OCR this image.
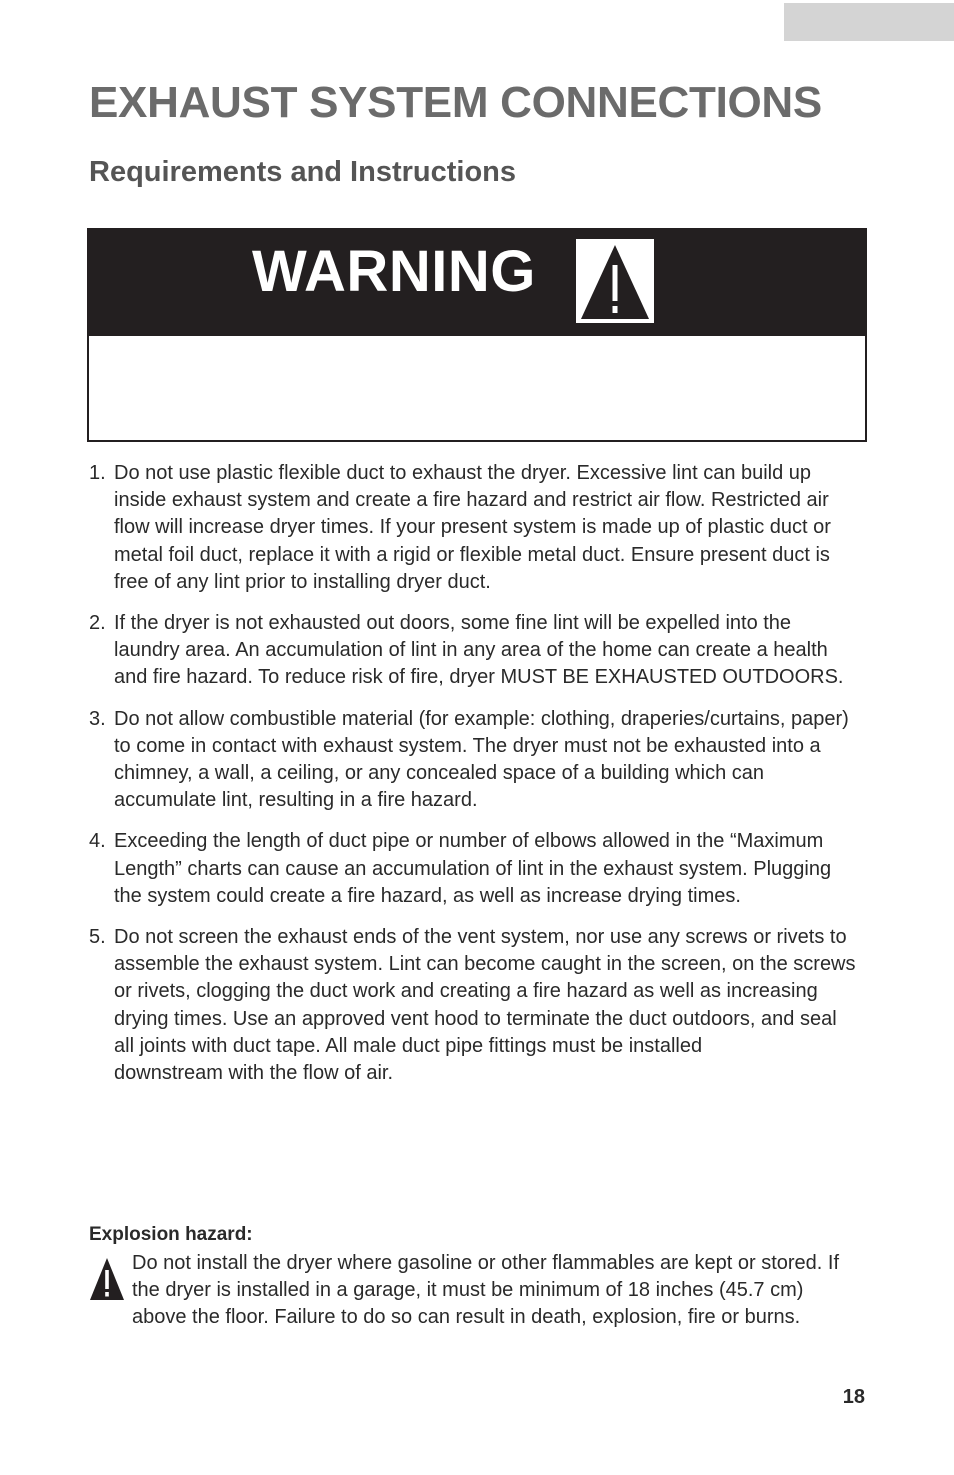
EXHAUST SYSTEM CONNECTIONS
Requirements and Instructions
WARNING
1. Do not use plastic flexible duct to exhaust the dryer. Excessive lint can build up inside exhaust system and create a fire hazard and restrict air flow. Restricted air flow will increase dryer times. If your present system is made up of plastic duct or metal foil duct, replace it with a rigid or flexible metal duct. Ensure present duct is free of any lint prior to installing dryer duct.
2. If the dryer is not exhausted out doors, some fine lint will be expelled into the laundry area. An accumulation of lint in any area of the home can create a health and fire hazard. To reduce risk of fire, dryer MUST BE EXHAUSTED OUTDOORS.
3. Do not allow combustible material (for example: clothing, draperies/curtains, paper) to come in contact with exhaust system. The dryer must not be exhausted into a chimney, a wall, a ceiling, or any concealed space of a building which can accumulate lint, resulting in a fire hazard.
4. Exceeding the length of duct pipe or number of elbows allowed in the “Maximum Length” charts can cause an accumulation of lint in the exhaust system. Plugging the system could create a fire hazard, as well as increase drying times.
5. Do not screen the exhaust ends of the vent system, nor use any screws or rivets to assemble the exhaust system. Lint can become caught in the screen, on the screws or rivets, clogging the duct work and creating a fire hazard as well as increasing drying times. Use an approved vent hood to terminate the duct outdoors, and seal all joints with duct tape. All male duct pipe fittings must be installed
downstream with the flow of air.
Explosion hazard:
Do not install the dryer where gasoline or other flammables are kept or stored. If the dryer is installed in a garage, it must be minimum of 18 inches (45.7 cm) above the floor. Failure to do so can result in death, explosion, fire or burns.
18
